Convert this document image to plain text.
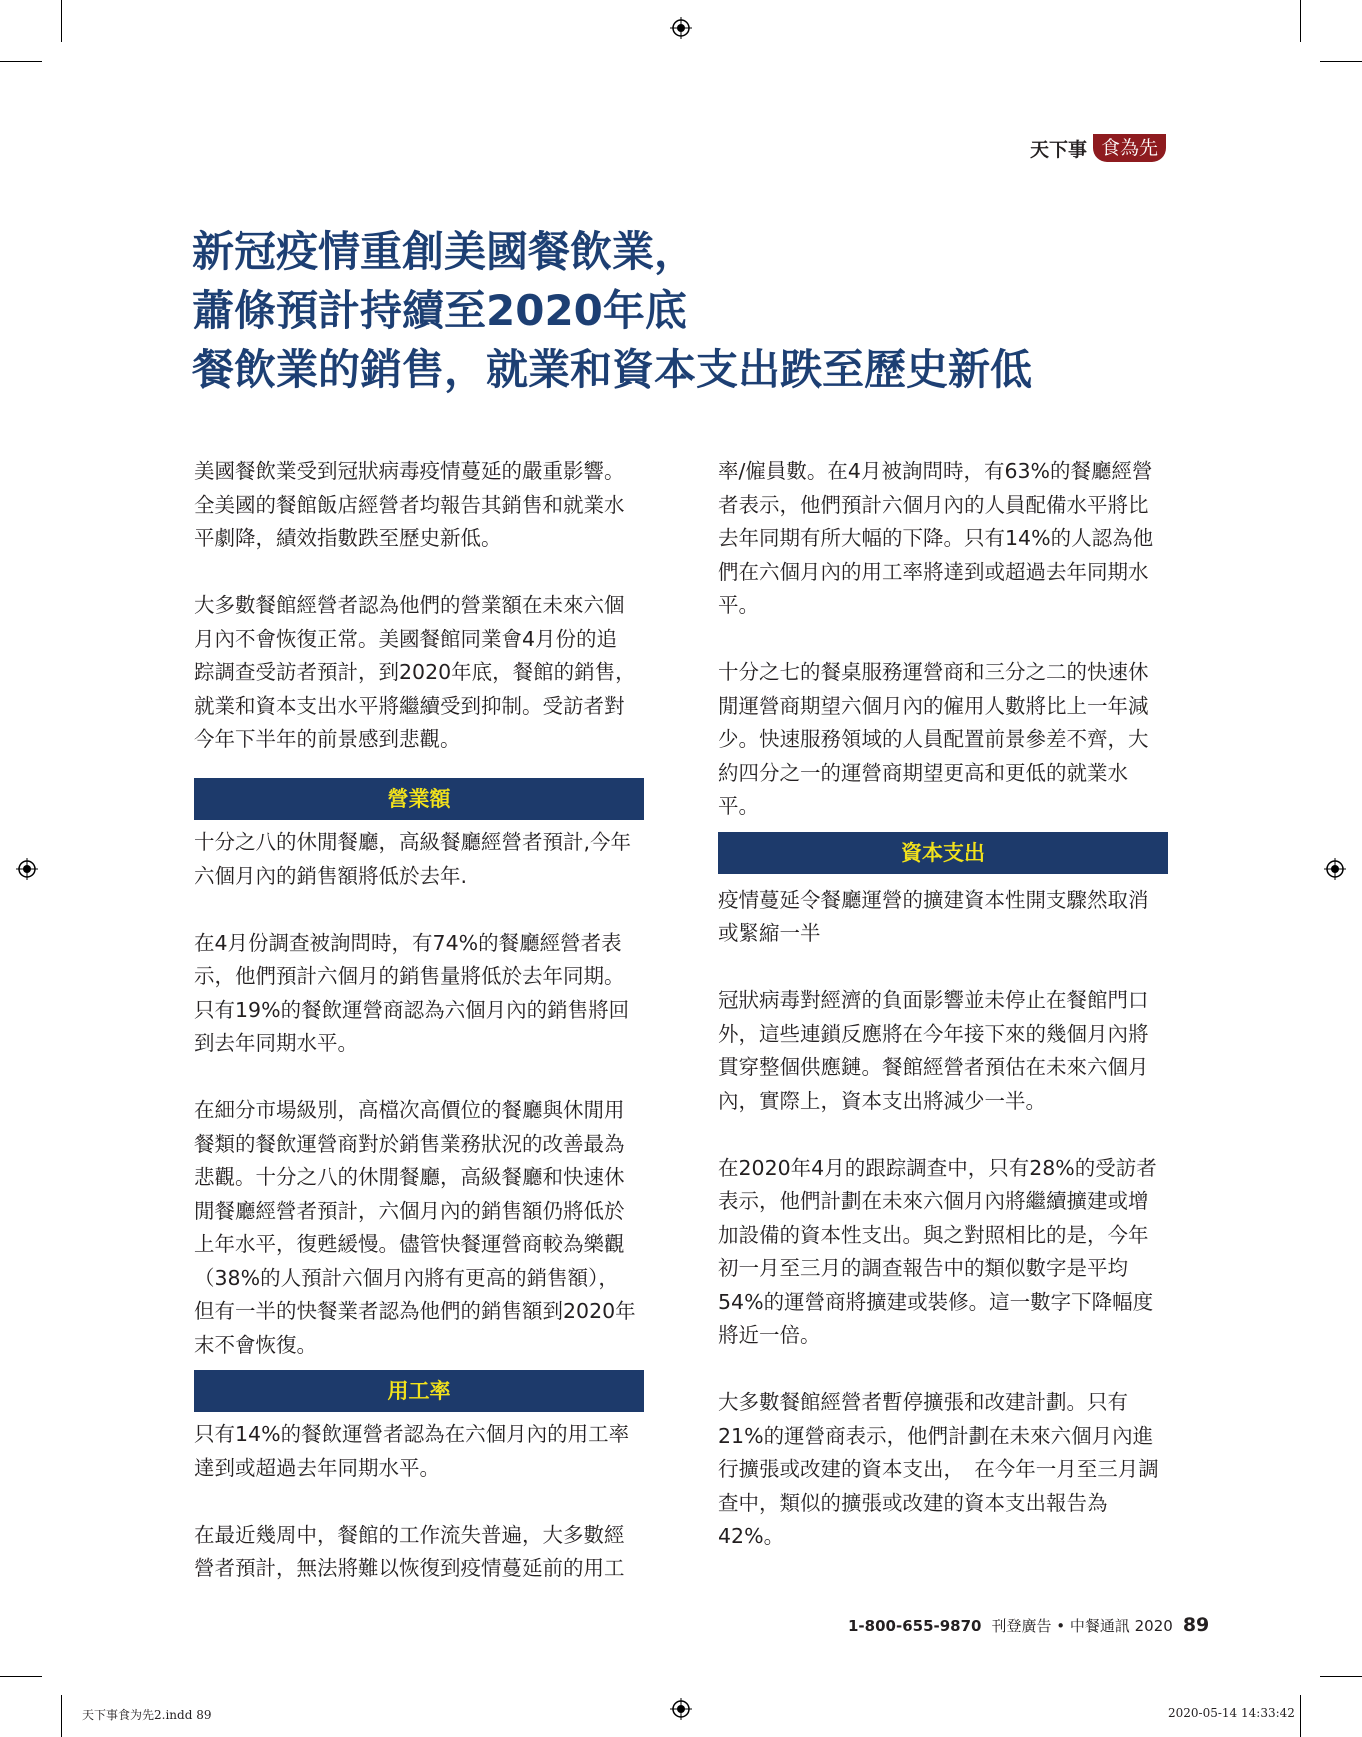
天下事 食為先
新冠疫情重創美國餐飲業，
蕭條預計持續至2020年底
餐飲業的銷售，就業和資本支出跌至歷史新低

美國餐飲業受到冠狀病毒疫情蔓延的嚴重影響。
全美國的餐館飯店經營者均報告其銷售和就業水
平劇降，績效指數跌至歷史新低。

大多數餐館經營者認為他們的營業額在未來六個
月內不會恢復正常。美國餐館同業會4月份的追
踪調查受訪者預計，到2020年底，餐館的銷售，
就業和資本支出水平將繼續受到抑制。受訪者對
今年下半年的前景感到悲觀。

營業額

十分之八的休閒餐廳，高級餐廳經營者預計,今年
六個月內的銷售額將低於去年.

在4月份調查被詢問時，有74%的餐廳經營者表
示，他們預計六個月的銷售量將低於去年同期。
只有19%的餐飲運營商認為六個月內的銷售將回
到去年同期水平。

在細分市場級別，高檔次高價位的餐廳與休閒用
餐類的餐飲運營商對於銷售業務狀況的改善最為
悲觀。十分之八的休閒餐廳，高級餐廳和快速休
閒餐廳經營者預計，六個月內的銷售額仍將低於
上年水平，復甦緩慢。儘管快餐運營商較為樂觀
（38%的人預計六個月內將有更高的銷售額），
但有一半的快餐業者認為他們的銷售額到2020年
末不會恢復。

用工率

只有14%的餐飲運營者認為在六個月內的用工率
達到或超過去年同期水平。

在最近幾周中，餐館的工作流失普遍，大多數經
營者預計，無法將難以恢復到疫情蔓延前的用工

率/僱員數。在4月被詢問時，有63%的餐廳經營
者表示，他們預計六個月內的人員配備水平將比
去年同期有所大幅的下降。只有14%的人認為他
們在六個月內的用工率將達到或超過去年同期水
平。

十分之七的餐桌服務運營商和三分之二的快速休
閒運營商期望六個月內的僱用人數將比上一年減
少。快速服務領域的人員配置前景參差不齊，大
約四分之一的運營商期望更高和更低的就業水
平。

資本支出

疫情蔓延令餐廳運營的擴建資本性開支驟然取消
或緊縮一半

冠狀病毒對經濟的負面影響並未停止在餐館門口
外，這些連鎖反應將在今年接下來的幾個月內將
貫穿整個供應鏈。餐館經營者預估在未來六個月
內，實際上，資本支出將減少一半。

在2020年4月的跟踪調查中，只有28%的受訪者
表示，他們計劃在未來六個月內將繼續擴建或增
加設備的資本性支出。與之對照相比的是，今年
初一月至三月的調查報告中的類似數字是平均
54%的運營商將擴建或裝修。這一數字下降幅度
將近一倍。

大多數餐館經營者暫停擴張和改建計劃。只有
21%的運營商表示，他們計劃在未來六個月內進
行擴張或改建的資本支出，　在今年一月至三月調
查中，類似的擴張或改建的資本支出報告為
42%。

1-800-655-9870 刊登廣告 • 中餐通訊 2020 89
天下事食为先2.indd 89	2020-05-14 14:33:42
